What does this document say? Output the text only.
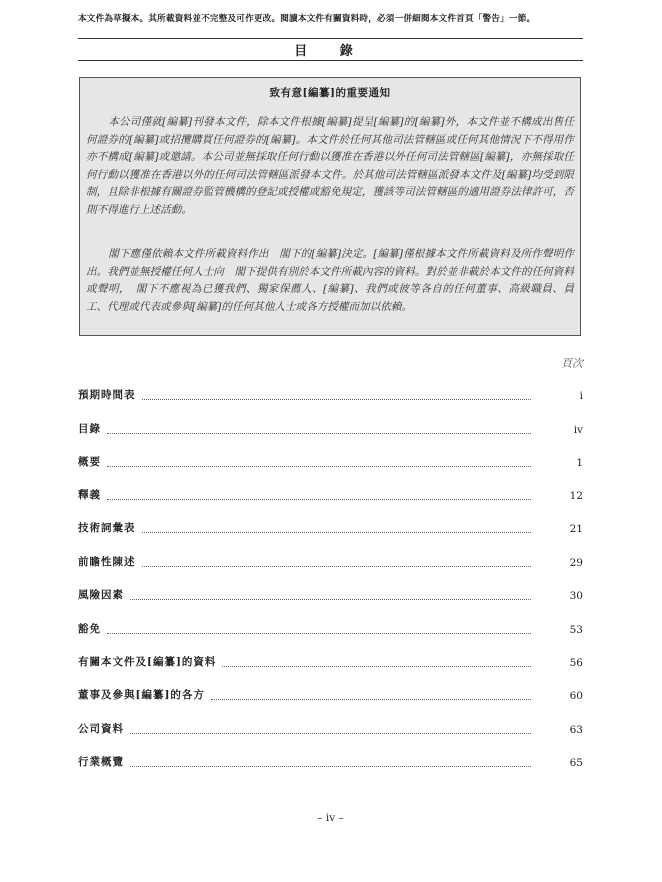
本文件為草擬本。其所載資料並不完整及可作更改。閱讀本文件有關資料時，必須一併細閱本文件首頁「警告」一節。
目 錄
致有意[編纂]的重要通知

本公司僅就[編纂]刊發本文件，除本文件根據[編纂]提呈[編纂]的[編纂]外，本文件並不構成出售任何證券的[編纂]或招攬購買任何證券的[編纂]。本文件於任何其他司法管轄區或任何其他情況下不得用作亦不構成[編纂]或邀請。本公司並無採取任何行動以獲准在香港以外任何司法管轄區[編纂]，亦無採取任何行動以獲准在香港以外的任何司法管轄區派發本文件。於其他司法管轄區派發本文件及[編纂]均受到限制，且除非根據有關證券監管機構的登記或授權或豁免規定，獲該等司法管轄區的適用證券法律許可，否則不得進行上述活動。

閣下應僅依賴本文件所載資料作出　閣下的[編纂]決定。[編纂]僅根據本文件所載資料及所作聲明作出。我們並無授權任何人士向　閣下提供有別於本文件所載內容的資料。對於並非載於本文件的任何資料或聲明，　閣下不應視為已獲我們、獨家保薦人、[編纂]、我們或彼等各自的任何董事、高級職員、員工、代理或代表或參與[編纂]的任何其他人士或各方授權而加以依賴。

頁次
預期時間表	i
目錄	iv
概要	1
釋義	12
技術詞彙表	21
前瞻性陳述	29
風險因素	30
豁免	53
有關本文件及[編纂]的資料	56
董事及參與[編纂]的各方	60
公司資料	63
行業概覽	65
– iv –
